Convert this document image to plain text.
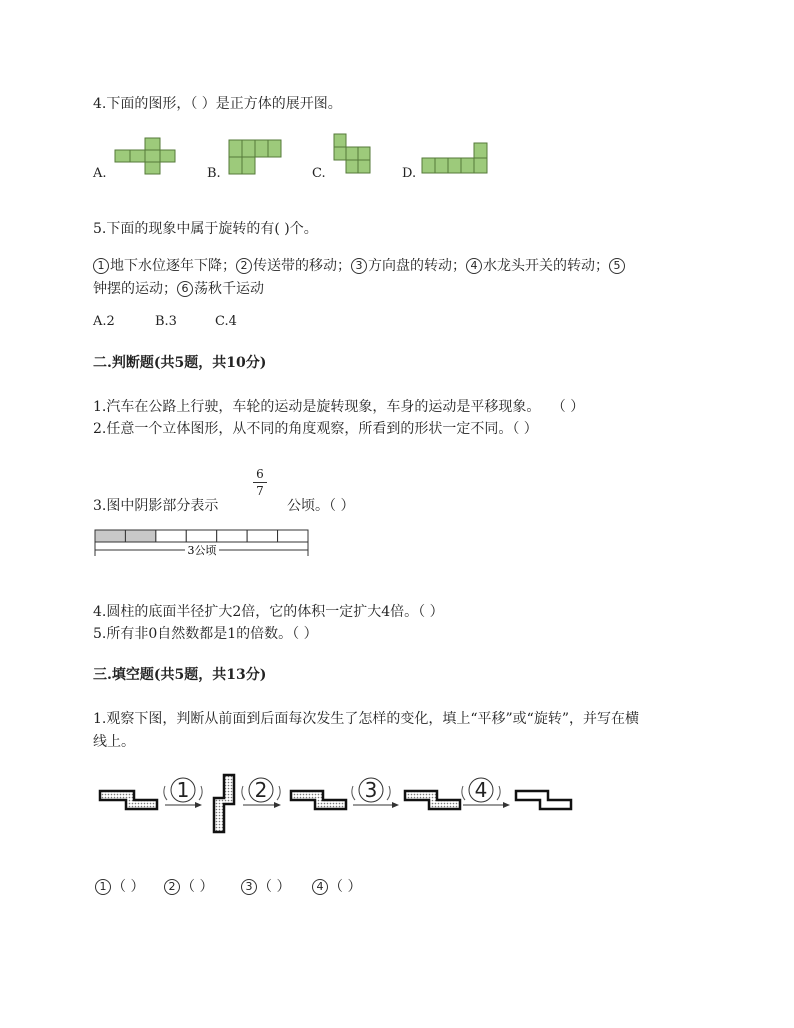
4.下面的图形，（ ）是正方体的展开图。
A.	B.	C.	D.
5.下面的现象中属于旋转的有( )个。
1 地下水位逐年下降； 2 传送带的移动； 3 方向盘的转动； 4 水龙头开关的转动； 5
钟摆的运动； 6 荡秋千运动
A.2	B.3	C.4
二.判断题(共5题，共10分)
1.汽车在公路上行驶，车轮的运动是旋转现象，车身的运动是平移现象。　 （ ）
2.任意一个立体图形，从不同的角度观察，所看到的形状一定不同。（ ）
3.图中阴影部分表示
6
7
公顷。（ ）
3公顷
4.圆柱的底面半径扩大2倍，它的体积一定扩大4倍。（ ）
5.所有非0自然数都是1的倍数。（ ）
三.填空题(共5题，共13分)
1.观察下图，判断从前面到后面每次发生了怎样的变化，填上“平移”或“旋转”，并写在横
线上。
1	2	3	4
1 （ ）	2 （ ）	3 （ ）	4 （ ）
